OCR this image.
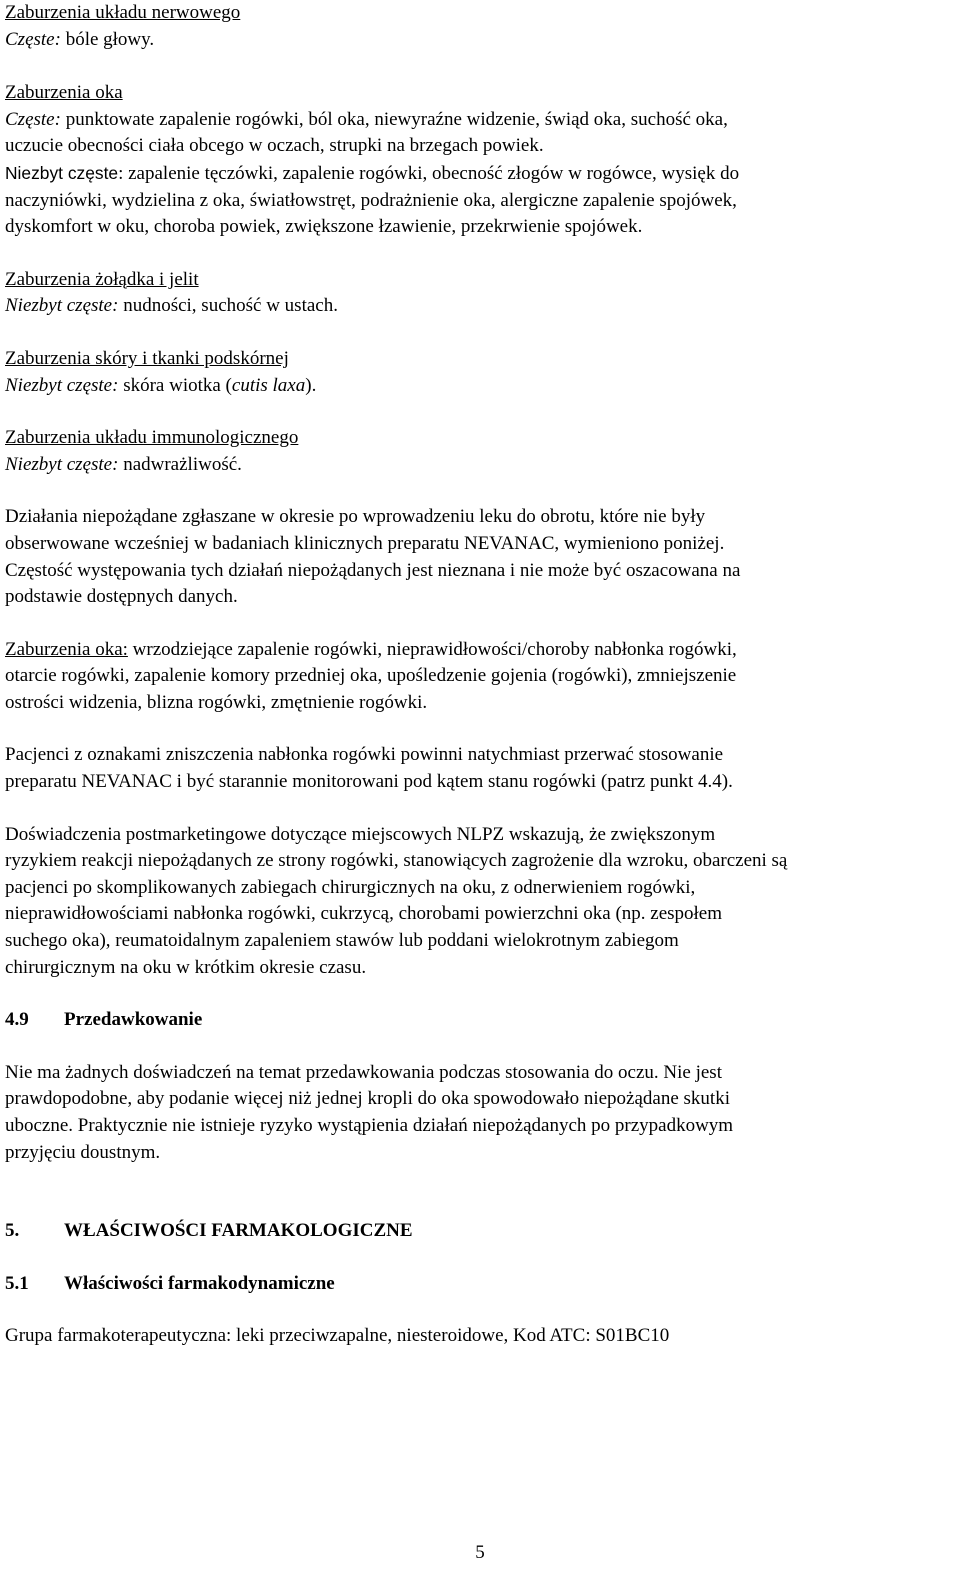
Zaburzenia układu nerwowego

Częste: bóle głowy.

Zaburzenia oka

Częste: punktowate zapalenie rogówki, ból oka, niewyraźne widzenie, świąd oka, suchość oka,

uczucie obecności ciała obcego w oczach, strupki na brzegach powiek.

Niezbyt częste: zapalenie tęczówki, zapalenie rogówki, obecność złogów w rogówce, wysięk do

naczyniówki, wydzielina z oka, światłowstręt, podrażnienie oka, alergiczne zapalenie spojówek,

dyskomfort w oku, choroba powiek, zwiększone łzawienie, przekrwienie spojówek.

Zaburzenia żołądka i jelit

Niezbyt częste: nudności, suchość w ustach.

Zaburzenia skóry i tkanki podskórnej

Niezbyt częste: skóra wiotka (cutis laxa).

Zaburzenia układu immunologicznego

Niezbyt częste: nadwrażliwość.

Działania niepożądane zgłaszane w okresie po wprowadzeniu leku do obrotu, które nie były

obserwowane wcześniej w badaniach klinicznych preparatu NEVANAC, wymieniono poniżej.

Częstość występowania tych działań niepożądanych jest nieznana i nie może być oszacowana na

podstawie dostępnych danych.

Zaburzenia oka: wrzodziejące zapalenie rogówki, nieprawidłowości/choroby nabłonka rogówki,

otarcie rogówki, zapalenie komory przedniej oka, upośledzenie gojenia (rogówki), zmniejszenie

ostrości widzenia, blizna rogówki, zmętnienie rogówki.

Pacjenci z oznakami zniszczenia nabłonka rogówki powinni natychmiast przerwać stosowanie

preparatu NEVANAC i być starannie monitorowani pod kątem stanu rogówki (patrz punkt 4.4).

Doświadczenia postmarketingowe dotyczące miejscowych NLPZ wskazują, że zwiększonym

ryzykiem reakcji niepożądanych ze strony rogówki, stanowiących zagrożenie dla wzroku, obarczeni są

pacjenci po skomplikowanych zabiegach chirurgicznych na oku, z odnerwieniem rogówki,

nieprawidłowościami nabłonka rogówki, cukrzycą, chorobami powierzchni oka (np. zespołem

suchego oka), reumatoidalnym zapaleniem stawów lub poddani wielokrotnym zabiegom

chirurgicznym na oku w krótkim okresie czasu.

4.9 Przedawkowanie

Nie ma żadnych doświadczeń na temat przedawkowania podczas stosowania do oczu. Nie jest

prawdopodobne, aby podanie więcej niż jednej kropli do oka spowodowało niepożądane skutki

uboczne. Praktycznie nie istnieje ryzyko wystąpienia działań niepożądanych po przypadkowym

przyjęciu doustnym.

5. WŁAŚCIWOŚCI FARMAKOLOGICZNE

5.1 Właściwości farmakodynamiczne

Grupa farmakoterapeutyczna: leki przeciwzapalne, niesteroidowe, Kod ATC: S01BC10

5
